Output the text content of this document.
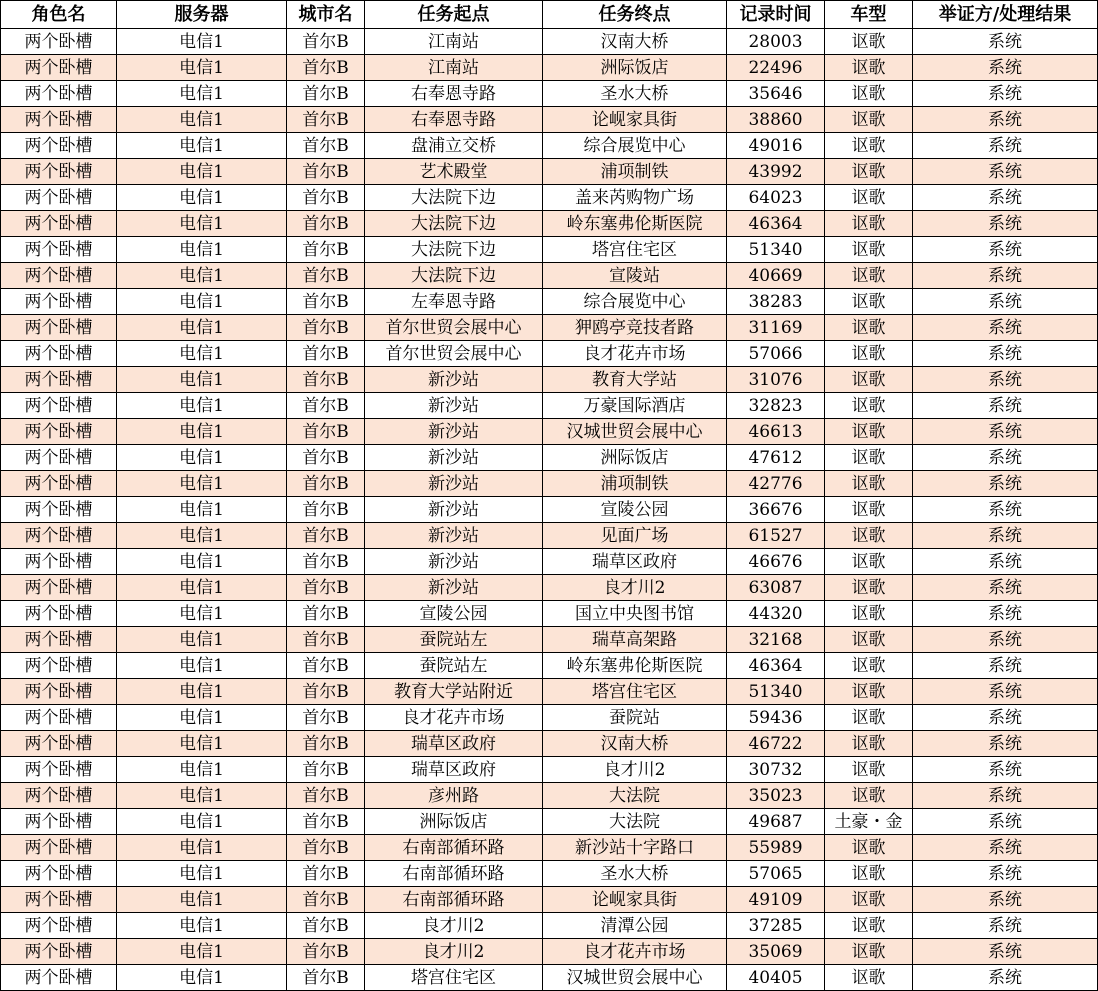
角色名	服务器	城市名	任务起点	任务终点	记录时间	车型	举证方/处理结果
两个卧槽	电信1	首尔B	江南站	汉南大桥	28003	讴歌	系统
两个卧槽	电信1	首尔B	江南站	洲际饭店	22496	讴歌	系统
两个卧槽	电信1	首尔B	右奉恩寺路	圣水大桥	35646	讴歌	系统
两个卧槽	电信1	首尔B	右奉恩寺路	论岘家具街	38860	讴歌	系统
两个卧槽	电信1	首尔B	盘浦立交桥	综合展览中心	49016	讴歌	系统
两个卧槽	电信1	首尔B	艺术殿堂	浦项制铁	43992	讴歌	系统
两个卧槽	电信1	首尔B	大法院下边	盖来芮购物广场	64023	讴歌	系统
两个卧槽	电信1	首尔B	大法院下边	岭东塞弗伦斯医院	46364	讴歌	系统
两个卧槽	电信1	首尔B	大法院下边	塔宫住宅区	51340	讴歌	系统
两个卧槽	电信1	首尔B	大法院下边	宣陵站	40669	讴歌	系统
两个卧槽	电信1	首尔B	左奉恩寺路	综合展览中心	38283	讴歌	系统
两个卧槽	电信1	首尔B	首尔世贸会展中心	狎鸥亭竞技者路	31169	讴歌	系统
两个卧槽	电信1	首尔B	首尔世贸会展中心	良才花卉市场	57066	讴歌	系统
两个卧槽	电信1	首尔B	新沙站	教育大学站	31076	讴歌	系统
两个卧槽	电信1	首尔B	新沙站	万豪国际酒店	32823	讴歌	系统
两个卧槽	电信1	首尔B	新沙站	汉城世贸会展中心	46613	讴歌	系统
两个卧槽	电信1	首尔B	新沙站	洲际饭店	47612	讴歌	系统
两个卧槽	电信1	首尔B	新沙站	浦项制铁	42776	讴歌	系统
两个卧槽	电信1	首尔B	新沙站	宣陵公园	36676	讴歌	系统
两个卧槽	电信1	首尔B	新沙站	见面广场	61527	讴歌	系统
两个卧槽	电信1	首尔B	新沙站	瑞草区政府	46676	讴歌	系统
两个卧槽	电信1	首尔B	新沙站	良才川2	63087	讴歌	系统
两个卧槽	电信1	首尔B	宣陵公园	国立中央图书馆	44320	讴歌	系统
两个卧槽	电信1	首尔B	蚕院站左	瑞草高架路	32168	讴歌	系统
两个卧槽	电信1	首尔B	蚕院站左	岭东塞弗伦斯医院	46364	讴歌	系统
两个卧槽	电信1	首尔B	教育大学站附近	塔宫住宅区	51340	讴歌	系统
两个卧槽	电信1	首尔B	良才花卉市场	蚕院站	59436	讴歌	系统
两个卧槽	电信1	首尔B	瑞草区政府	汉南大桥	46722	讴歌	系统
两个卧槽	电信1	首尔B	瑞草区政府	良才川2	30732	讴歌	系统
两个卧槽	电信1	首尔B	彦州路	大法院	35023	讴歌	系统
两个卧槽	电信1	首尔B	洲际饭店	大法院	49687	土豪・金	系统
两个卧槽	电信1	首尔B	右南部循环路	新沙站十字路口	55989	讴歌	系统
两个卧槽	电信1	首尔B	右南部循环路	圣水大桥	57065	讴歌	系统
两个卧槽	电信1	首尔B	右南部循环路	论岘家具街	49109	讴歌	系统
两个卧槽	电信1	首尔B	良才川2	清潭公园	37285	讴歌	系统
两个卧槽	电信1	首尔B	良才川2	良才花卉市场	35069	讴歌	系统
两个卧槽	电信1	首尔B	塔宫住宅区	汉城世贸会展中心	40405	讴歌	系统
